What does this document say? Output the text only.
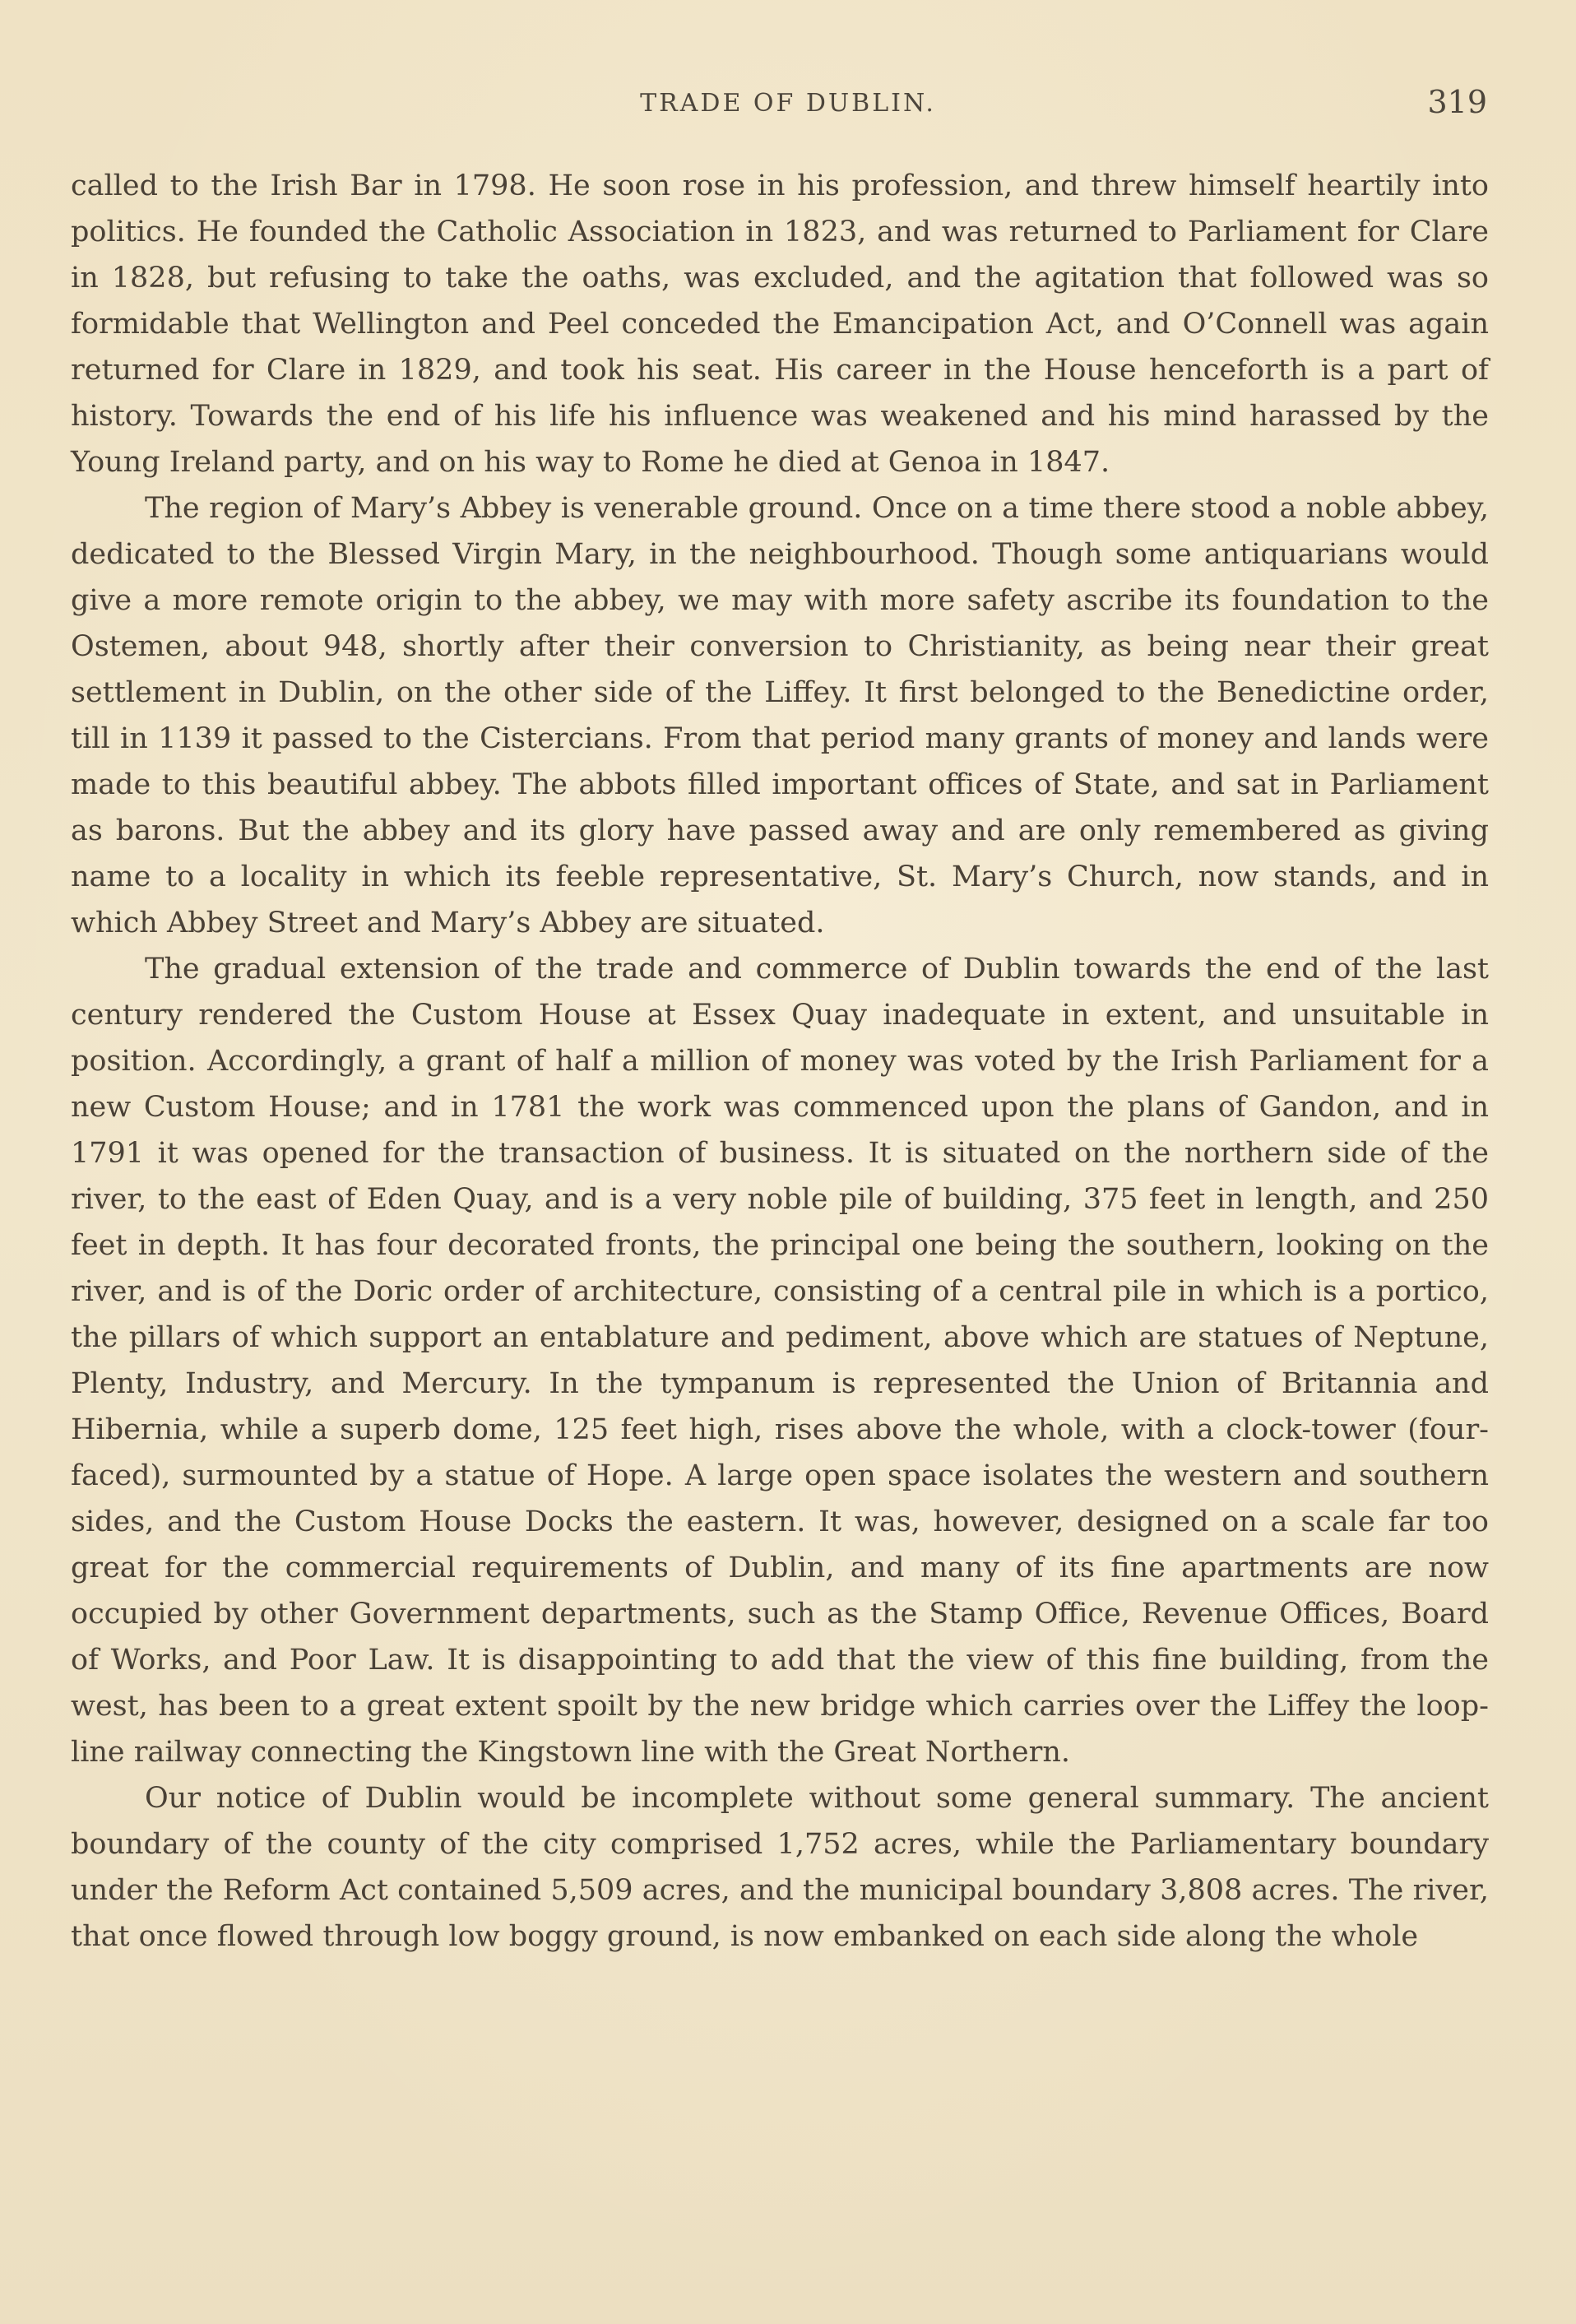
TRADE OF DUBLIN.	319

called to the Irish Bar in 1798. He soon rose in his profession, and threw himself heartily into politics. He founded the Catholic Association in 1823, and was returned to Parliament for Clare in 1828, but refusing to take the oaths, was excluded, and the agitation that followed was so formidable that Wellington and Peel conceded the Emancipation Act, and O’Connell was again returned for Clare in 1829, and took his seat. His career in the House henceforth is a part of history. Towards the end of his life his influence was weakened and his mind harassed by the Young Ireland party, and on his way to Rome he died at Genoa in 1847.

The region of Mary’s Abbey is venerable ground. Once on a time there stood a noble abbey, dedicated to the Blessed Virgin Mary, in the neighbourhood. Though some antiquarians would give a more remote origin to the abbey, we may with more safety ascribe its foundation to the Ostemen, about 948, shortly after their conversion to Christianity, as being near their great settlement in Dublin, on the other side of the Liffey. It first belonged to the Benedictine order, till in 1139 it passed to the Cistercians. From that period many grants of money and lands were made to this beautiful abbey. The abbots filled important offices of State, and sat in Parliament as barons. But the abbey and its glory have passed away and are only remembered as giving name to a locality in which its feeble representative, St. Mary’s Church, now stands, and in which Abbey Street and Mary’s Abbey are situated.

The gradual extension of the trade and commerce of Dublin towards the end of the last century rendered the Custom House at Essex Quay inadequate in extent, and unsuitable in position. Accordingly, a grant of half a million of money was voted by the Irish Parliament for a new Custom House; and in 1781 the work was commenced upon the plans of Gandon, and in 1791 it was opened for the transaction of business. It is situated on the northern side of the river, to the east of Eden Quay, and is a very noble pile of building, 375 feet in length, and 250 feet in depth. It has four decorated fronts, the principal one being the southern, looking on the river, and is of the Doric order of architecture, consisting of a central pile in which is a portico, the pillars of which support an entablature and pediment, above which are statues of Neptune, Plenty, Industry, and Mercury. In the tympanum is represented the Union of Britannia and Hibernia, while a superb dome, 125 feet high, rises above the whole, with a clock-tower (four-faced), surmounted by a statue of Hope. A large open space isolates the western and southern sides, and the Custom House Docks the eastern. It was, however, designed on a scale far too great for the commercial requirements of Dublin, and many of its fine apartments are now occupied by other Government departments, such as the Stamp Office, Revenue Offices, Board of Works, and Poor Law. It is disappointing to add that the view of this fine building, from the west, has been to a great extent spoilt by the new bridge which carries over the Liffey the loop-line railway connecting the Kingstown line with the Great Northern.

Our notice of Dublin would be incomplete without some general summary. The ancient boundary of the county of the city comprised 1,752 acres, while the Parliamentary boundary under the Reform Act contained 5,509 acres, and the municipal boundary 3,808 acres. The river, that once flowed through low boggy ground, is now embanked on each side along the whole
